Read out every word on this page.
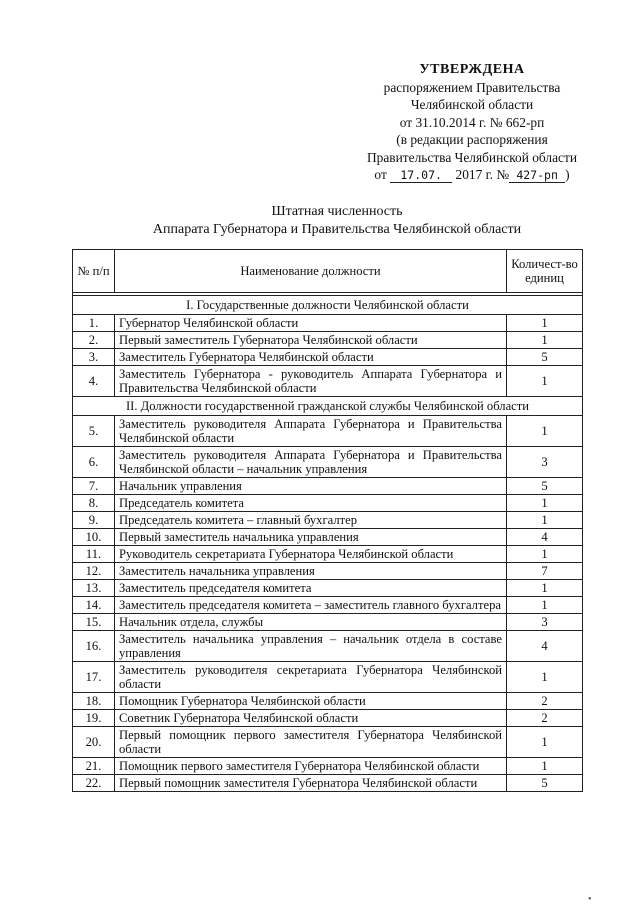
УТВЕРЖДЕНА
распоряжением Правительства
Челябинской области
от 31.10.2014 г. № 662-рп
(в редакции распоряжения
Правительства Челябинской области
от 17.07. 2017 г. № 427-рп )
Штатная численность
Аппарата Губернатора и Правительства Челябинской области
№ п/п	Наименование должности	Количест-во единиц

I. Государственные должности Челябинской области		
1.	Губернатор Челябинской области	1
2.	Первый заместитель Губернатора Челябинской области	1
3.	Заместитель Губернатора Челябинской области	5
4.	Заместитель Губернатора - руководитель Аппарата Губернатора и Правительства Челябинской области	1
II. Должности государственной гражданской службы Челябинской области		
5.	Заместитель руководителя Аппарата Губернатора и Правительства Челябинской области	1
6.	Заместитель руководителя Аппарата Губернатора и Правительства Челябинской области – начальник управления	3
7.	Начальник управления	5
8.	Председатель комитета	1
9.	Председатель комитета – главный бухгалтер	1
10.	Первый заместитель начальника управления	4
11.	Руководитель секретариата Губернатора Челябинской области	1
12.	Заместитель начальника управления	7
13.	Заместитель председателя комитета	1
14.	Заместитель председателя комитета – заместитель главного бухгалтера	1
15.	Начальник отдела, службы	3
16.	Заместитель начальника управления – начальник отдела в составе управления	4
17.	Заместитель руководителя секретариата Губернатора Челябинской области	1
18.	Помощник Губернатора Челябинской области	2
19.	Советник Губернатора Челябинской области	2
20.	Первый помощник первого заместителя Губернатора Челябинской области	1
21.	Помощник первого заместителя Губернатора Челябинской области	1
22.	Первый помощник заместителя Губернатора Челябинской области	5
•
